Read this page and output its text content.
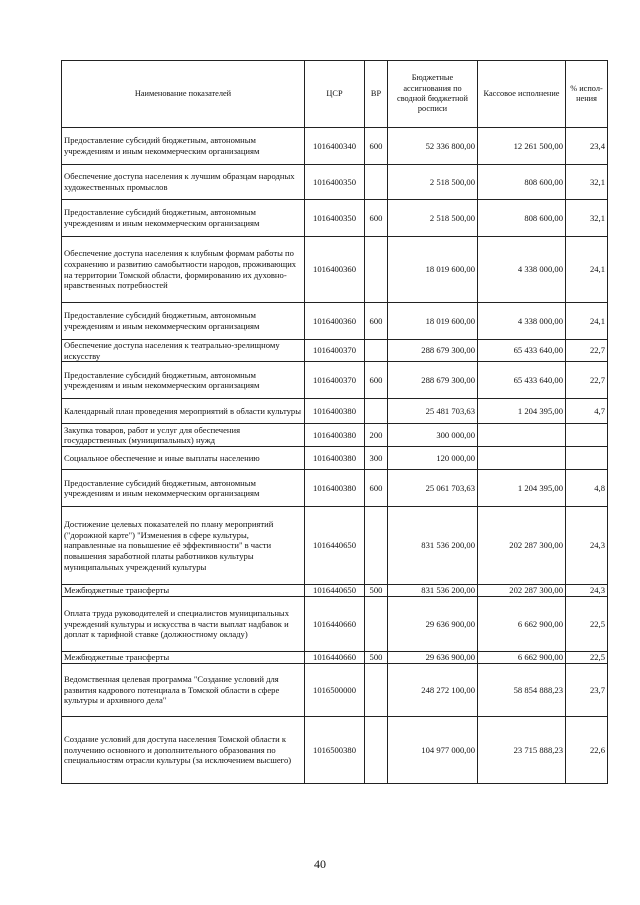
Наименование показателей	ЦСР	ВР	Бюджетные ассигнования по сводной бюджетной росписи	Кассовое исполнение	% испол-нения
Предоставление субсидий бюджетным, автономным учреждениям и иным некоммерческим организациям	1016400340	600	52 336 800,00	12 261 500,00	23,4
Обеспечение доступа населения к лучшим образцам народных художественных промыслов	1016400350		2 518 500,00	808 600,00	32,1
Предоставление субсидий бюджетным, автономным учреждениям и иным некоммерческим организациям	1016400350	600	2 518 500,00	808 600,00	32,1
Обеспечение доступа населения к клубным формам работы по сохранению и развитию самобытности народов, проживающих на территории Томской области, формированию их духовно-нравственных потребностей	1016400360		18 019 600,00	4 338 000,00	24,1
Предоставление субсидий бюджетным, автономным учреждениям и иным некоммерческим организациям	1016400360	600	18 019 600,00	4 338 000,00	24,1
Обеспечение доступа населения к театрально-зрелищному искусству	1016400370		288 679 300,00	65 433 640,00	22,7
Предоставление субсидий бюджетным, автономным учреждениям и иным некоммерческим организациям	1016400370	600	288 679 300,00	65 433 640,00	22,7
Календарный план проведения мероприятий в области культуры	1016400380		25 481 703,63	1 204 395,00	4,7
Закупка товаров, работ и услуг для обеспечения государственных (муниципальных) нужд	1016400380	200	300 000,00		
Социальное обеспечение и иные выплаты населению	1016400380	300	120 000,00		
Предоставление субсидий бюджетным, автономным учреждениям и иным некоммерческим организациям	1016400380	600	25 061 703,63	1 204 395,00	4,8
Достижение целевых показателей по плану мероприятий ("дорожной карте") "Изменения в сфере культуры, направленные на повышение её эффективности" в части повышения заработной платы работников культуры муниципальных учреждений культуры	1016440650		831 536 200,00	202 287 300,00	24,3
Межбюджетные трансферты	1016440650	500	831 536 200,00	202 287 300,00	24,3
Оплата труда руководителей и специалистов муниципальных учреждений культуры и искусства в части выплат надбавок и доплат к тарифной ставке (должностному окладу)	1016440660		29 636 900,00	6 662 900,00	22,5
Межбюджетные трансферты	1016440660	500	29 636 900,00	6 662 900,00	22,5
Ведомственная целевая программа "Создание условий для развития кадрового потенциала в Томской области в сфере культуры и архивного дела"	1016500000		248 272 100,00	58 854 888,23	23,7
Создание условий для доступа населения Томской области к получению основного и дополнительного образования по специальностям отрасли культуры (за исключением высшего)	1016500380		104 977 000,00	23 715 888,23	22,6
40
